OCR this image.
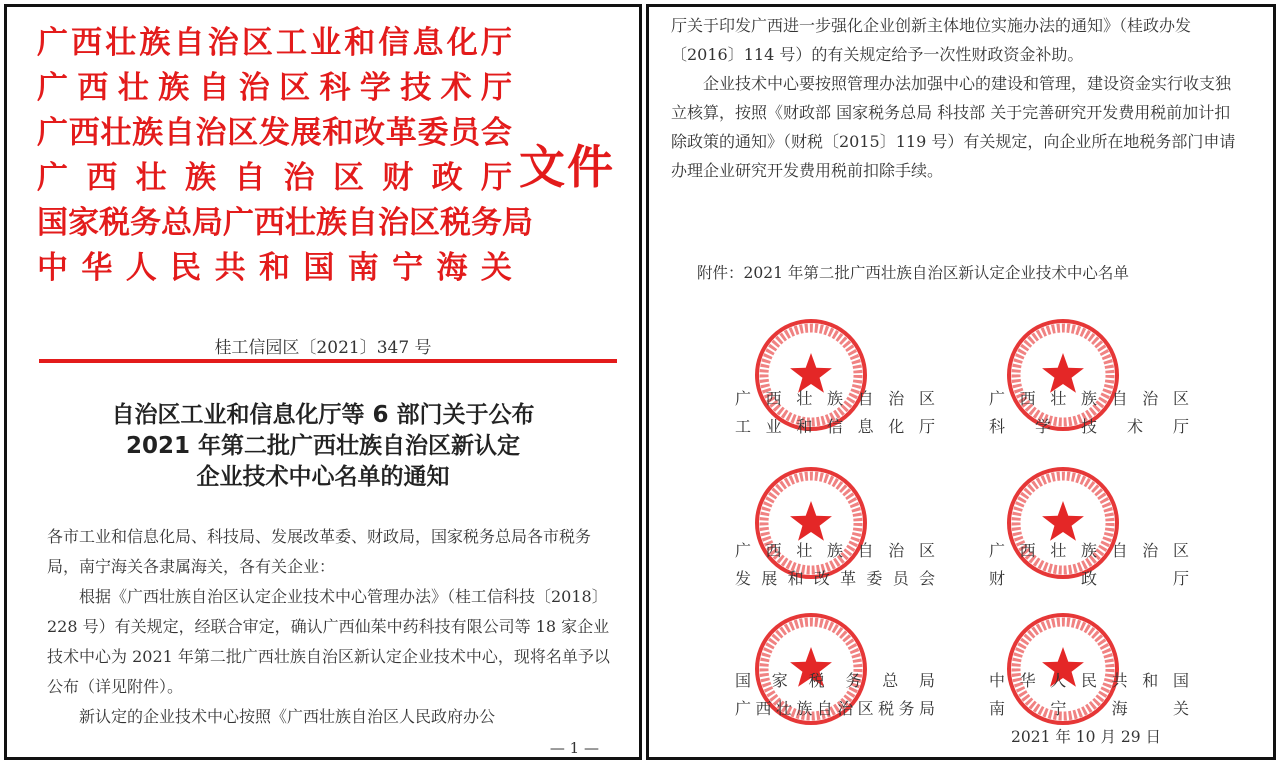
广 西 壮 族 自 治 区 工 业 和 信 息 化 厅
广 西 壮 族 自 治 区 科 学 技 术 厅
广 西 壮 族 自 治 区 发 展 和 改 革 委 员 会
广 西 壮 族 自 治 区 财 政 厅
国 家 税 务 总 局 广 西 壮 族 自 治 区 税 务 局
中 华 人 民 共 和 国 南 宁 海 关
文件
桂工信园区〔2021〕347 号
自治区工业和信息化厅等 6 部门关于公布
2021 年第二批广西壮族自治区新认定
企业技术中心名单的通知

各市工业和信息化局、科技局、发展改革委、财政局，国家税务总局各市税务局，南宁海关各隶属海关，各有关企业：

根据《广西壮族自治区认定企业技术中心管理办法》（桂工信科技〔2018〕228 号）有关规定，经联合审定，确认广西仙茱中药科技有限公司等 18 家企业技术中心为 2021 年第二批广西壮族自治区新认定企业技术中心，现将名单予以公布（详见附件）。

新认定的企业技术中心按照《广西壮族自治区人民政府办公

— 1 —

厅关于印发广西进一步强化企业创新主体地位实施办法的通知》（桂政办发〔2016〕114 号）的有关规定给予一次性财政资金补助。

企业技术中心要按照管理办法加强中心的建设和管理，建设资金实行收支独立核算，按照《财政部 国家税务总局 科技部 关于完善研究开发费用税前加计扣除政策的通知》（财税〔2015〕119 号）有关规定，向企业所在地税务部门申请办理企业研究开发费用税前扣除手续。

附件：2021 年第二批广西壮族自治区新认定企业技术中心名单
广 西 壮 族 自 治 区
工 业 和 信 息 化 厅
广 西 壮 族 自 治 区
科 学 技 术 厅
广 西 壮 族 自 治 区
发 展 和 改 革 委 员 会
广 西 壮 族 自 治 区
财	政	厅
国 家 税 务 总 局
广 西 壮 族 自 治 区 税 务 局
中 华 人 民 共 和 国
南	宁	海	关
2021 年 10 月 29 日
